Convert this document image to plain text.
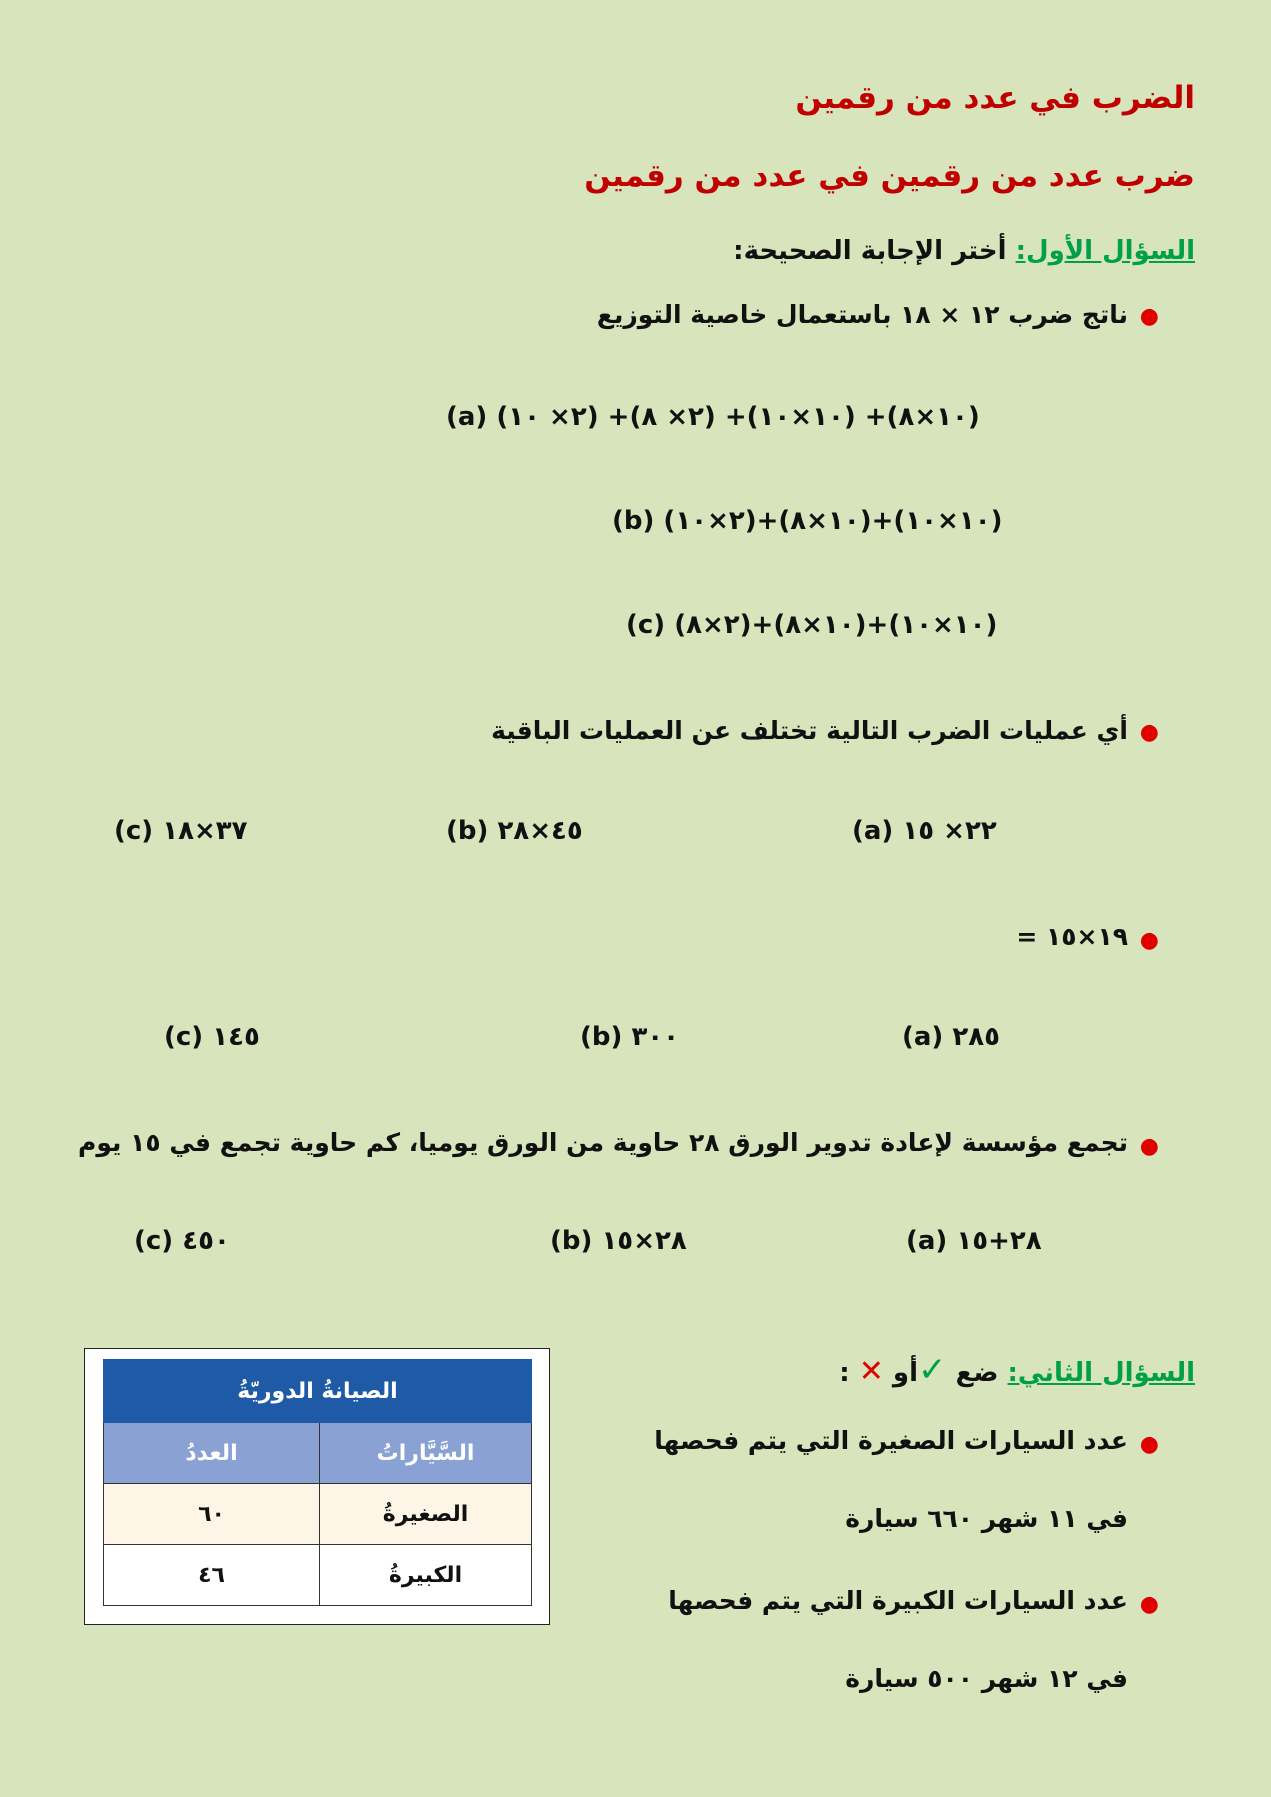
الضرب في عدد من رقمين
ضرب عدد من رقمين في عدد من رقمين
السؤال الأول: أختر الإجابة الصحيحة:
●
ناتج ضرب ١٢ × ١٨ باستعمال خاصية التوزيع
(a) (٢× ١٠) +(٢× ٨) +(١٠×١٠) +(١٠×٨)
(b) (٢×١٠)+(١٠×٨)+(١٠×١٠)
(c) (٢×٨)+(١٠×٨)+(١٠×١٠)
●
أي عمليات الضرب التالية تختلف عن العمليات الباقية
(a) ٢٢× ١٥
(b) ٤٥×٢٨
(c) ٣٧×١٨
●
١٩×١٥ =
(a) ٢٨٥
(b) ٣٠٠
(c) ١٤٥
●
تجمع مؤسسة لإعادة تدوير الورق ٢٨ حاوية من الورق يوميا، كم حاوية تجمع في ١٥ يوم
(a) ٢٨+١٥
(b) ٢٨×١٥
(c) ٤٥٠
السؤال الثاني: ضع ✓أو ✕ :
●
عدد السيارات الصغيرة التي يتم فحصها
في ١١ شهر ٦٦٠ سيارة
●
عدد السيارات الكبيرة التي يتم فحصها
في ١٢ شهر ٥٠٠ سيارة
الصيانةُ الدوريّةُ	
السَّيَّاراتُ	العددُ
الصغيرةُ	٦٠
الكبيرةُ	٤٦
